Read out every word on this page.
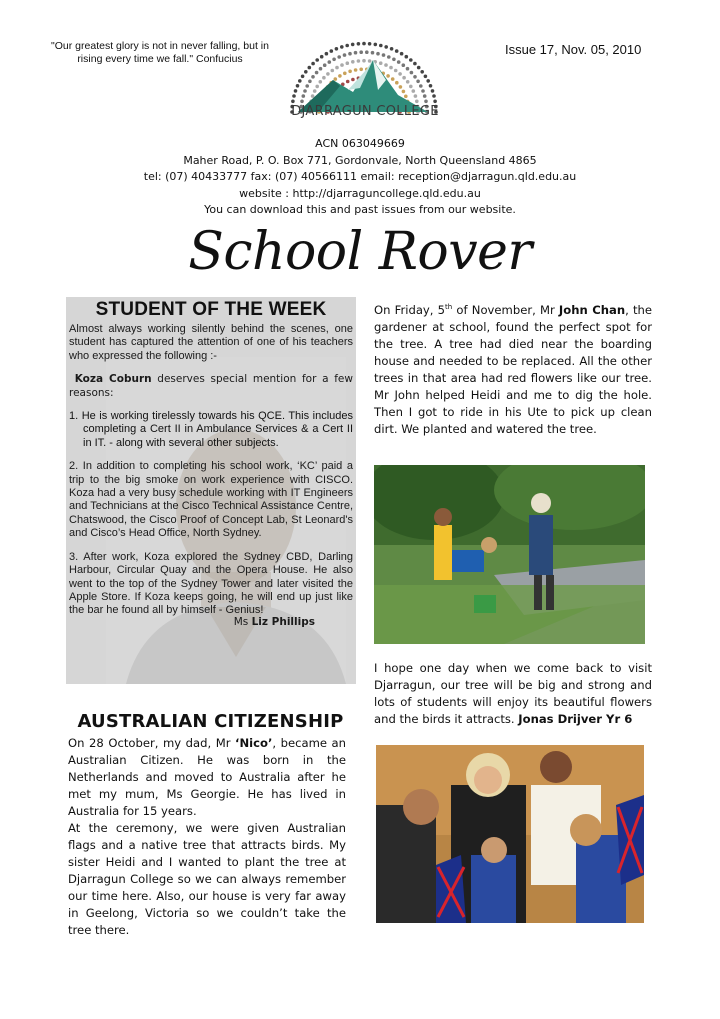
"Our greatest glory is not in never falling, but in rising every time we fall." Confucius
Issue 17, Nov. 05, 2010
DJARRAGUN COLLEGE
ACN 063049669
Maher Road, P. O. Box 771, Gordonvale, North Queensland 4865
tel: (07) 40433777 fax: (07) 40566111 email: reception@djarragun.qld.edu.au
website : http://djarraguncollege.qld.edu.au
You can download this and past issues from our website.
School Rover
STUDENT OF THE WEEK

Almost always working silently behind the scenes, one student has captured the attention of one of his teachers who expressed the following :-

Koza Coburn deserves special mention for a few reasons:

1. He is working tirelessly towards his QCE. This includes completing a Cert II in Ambulance Services & a Cert II in IT. - along with several other subjects.

2. In addition to completing his school work, ‘KC’ paid a trip to the big smoke on work experience with CISCO. Koza had a very busy schedule working with IT Engineers and Technicians at the Cisco Technical Assistance Centre, Chatswood, the Cisco Proof of Concept Lab, St Leonard's and Cisco’s Head Office, North Sydney.

3. After work, Koza explored the Sydney CBD, Darling Harbour, Circular Quay and the Opera House. He also went to the top of the Sydney Tower and later visited the Apple Store. If Koza keeps going, he will end up just like the bar he found all by himself - Genius!

Ms Liz Phillips

AUSTRALIAN CITIZENSHIP

On 28 October, my dad, Mr ‘Nico’, became an Australian Citizen. He was born in the Netherlands and moved to Australia after he met my mum, Ms Georgie. He has lived in Australia for 15 years.

At the ceremony, we were given Australian flags and a native tree that attracts birds. My sister Heidi and I wanted to plant the tree at Djarragun College so we can always remember our time here. Also, our house is very far away in Geelong, Victoria so we couldn’t take the tree there.

On Friday, 5th of November, Mr John Chan, the gardener at school, found the perfect spot for the tree. A tree had died near the boarding house and needed to be replaced. All the other trees in that area had red flowers like our tree. Mr John helped Heidi and me to dig the hole. Then I got to ride in his Ute to pick up clean dirt. We planted and watered the tree.
I hope one day when we come back to visit Djarragun, our tree will be big and strong and lots of students will enjoy its beautiful flowers and the birds it attracts. Jonas Drijver Yr 6
